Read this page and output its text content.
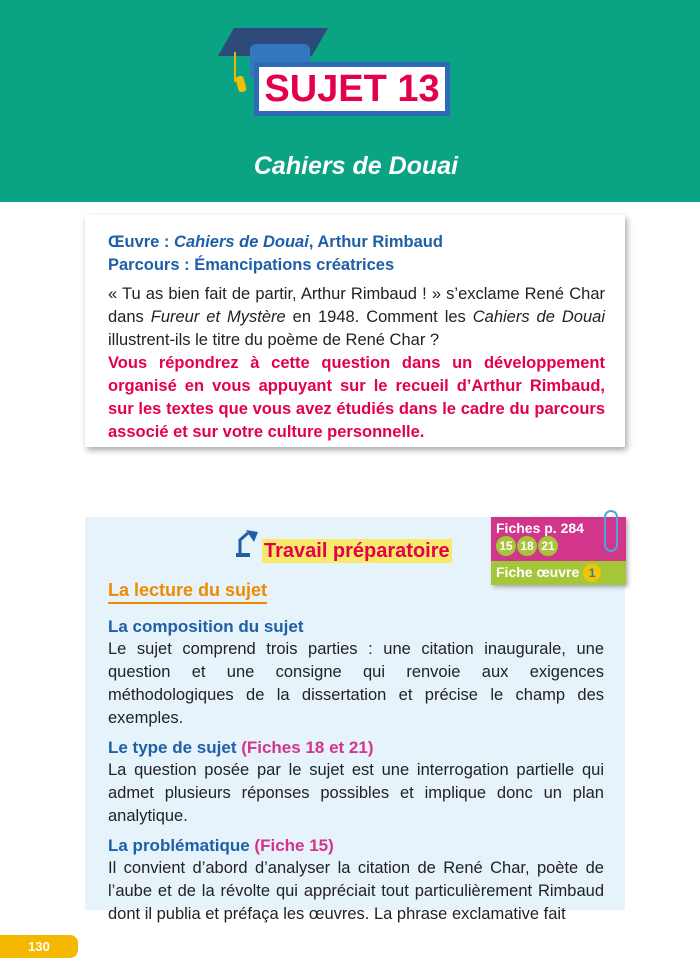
SUJET 13
Cahiers de Douai
Œuvre : Cahiers de Douai, Arthur Rimbaud
Parcours : Émancipations créatrices
« Tu as bien fait de partir, Arthur Rimbaud ! » s’exclame René Char dans Fureur et Mystère en 1948. Comment les Cahiers de Douai illustrent-ils le titre du poème de René Char ?
Vous répondrez à cette question dans un développement organisé en vous appuyant sur le recueil d’Arthur Rimbaud, sur les textes que vous avez étudiés dans le cadre du parcours associé et sur votre culture personnelle.
Travail préparatoire
Fiches p. 284
15 18 21
Fiche œuvre 1
La lecture du sujet
La composition du sujet
Le sujet comprend trois parties : une citation inaugurale, une question et une consigne qui renvoie aux exigences méthodologiques de la dissertation et précise le champ des exemples.
Le type de sujet (Fiches 18 et 21)
La question posée par le sujet est une interrogation partielle qui admet plusieurs réponses possibles et implique donc un plan analytique.
La problématique (Fiche 15)
Il convient d’abord d’analyser la citation de René Char, poète de l’aube et de la révolte qui appréciait tout particulièrement Rimbaud dont il publia et préfaça les œuvres. La phrase exclamative fait
130
